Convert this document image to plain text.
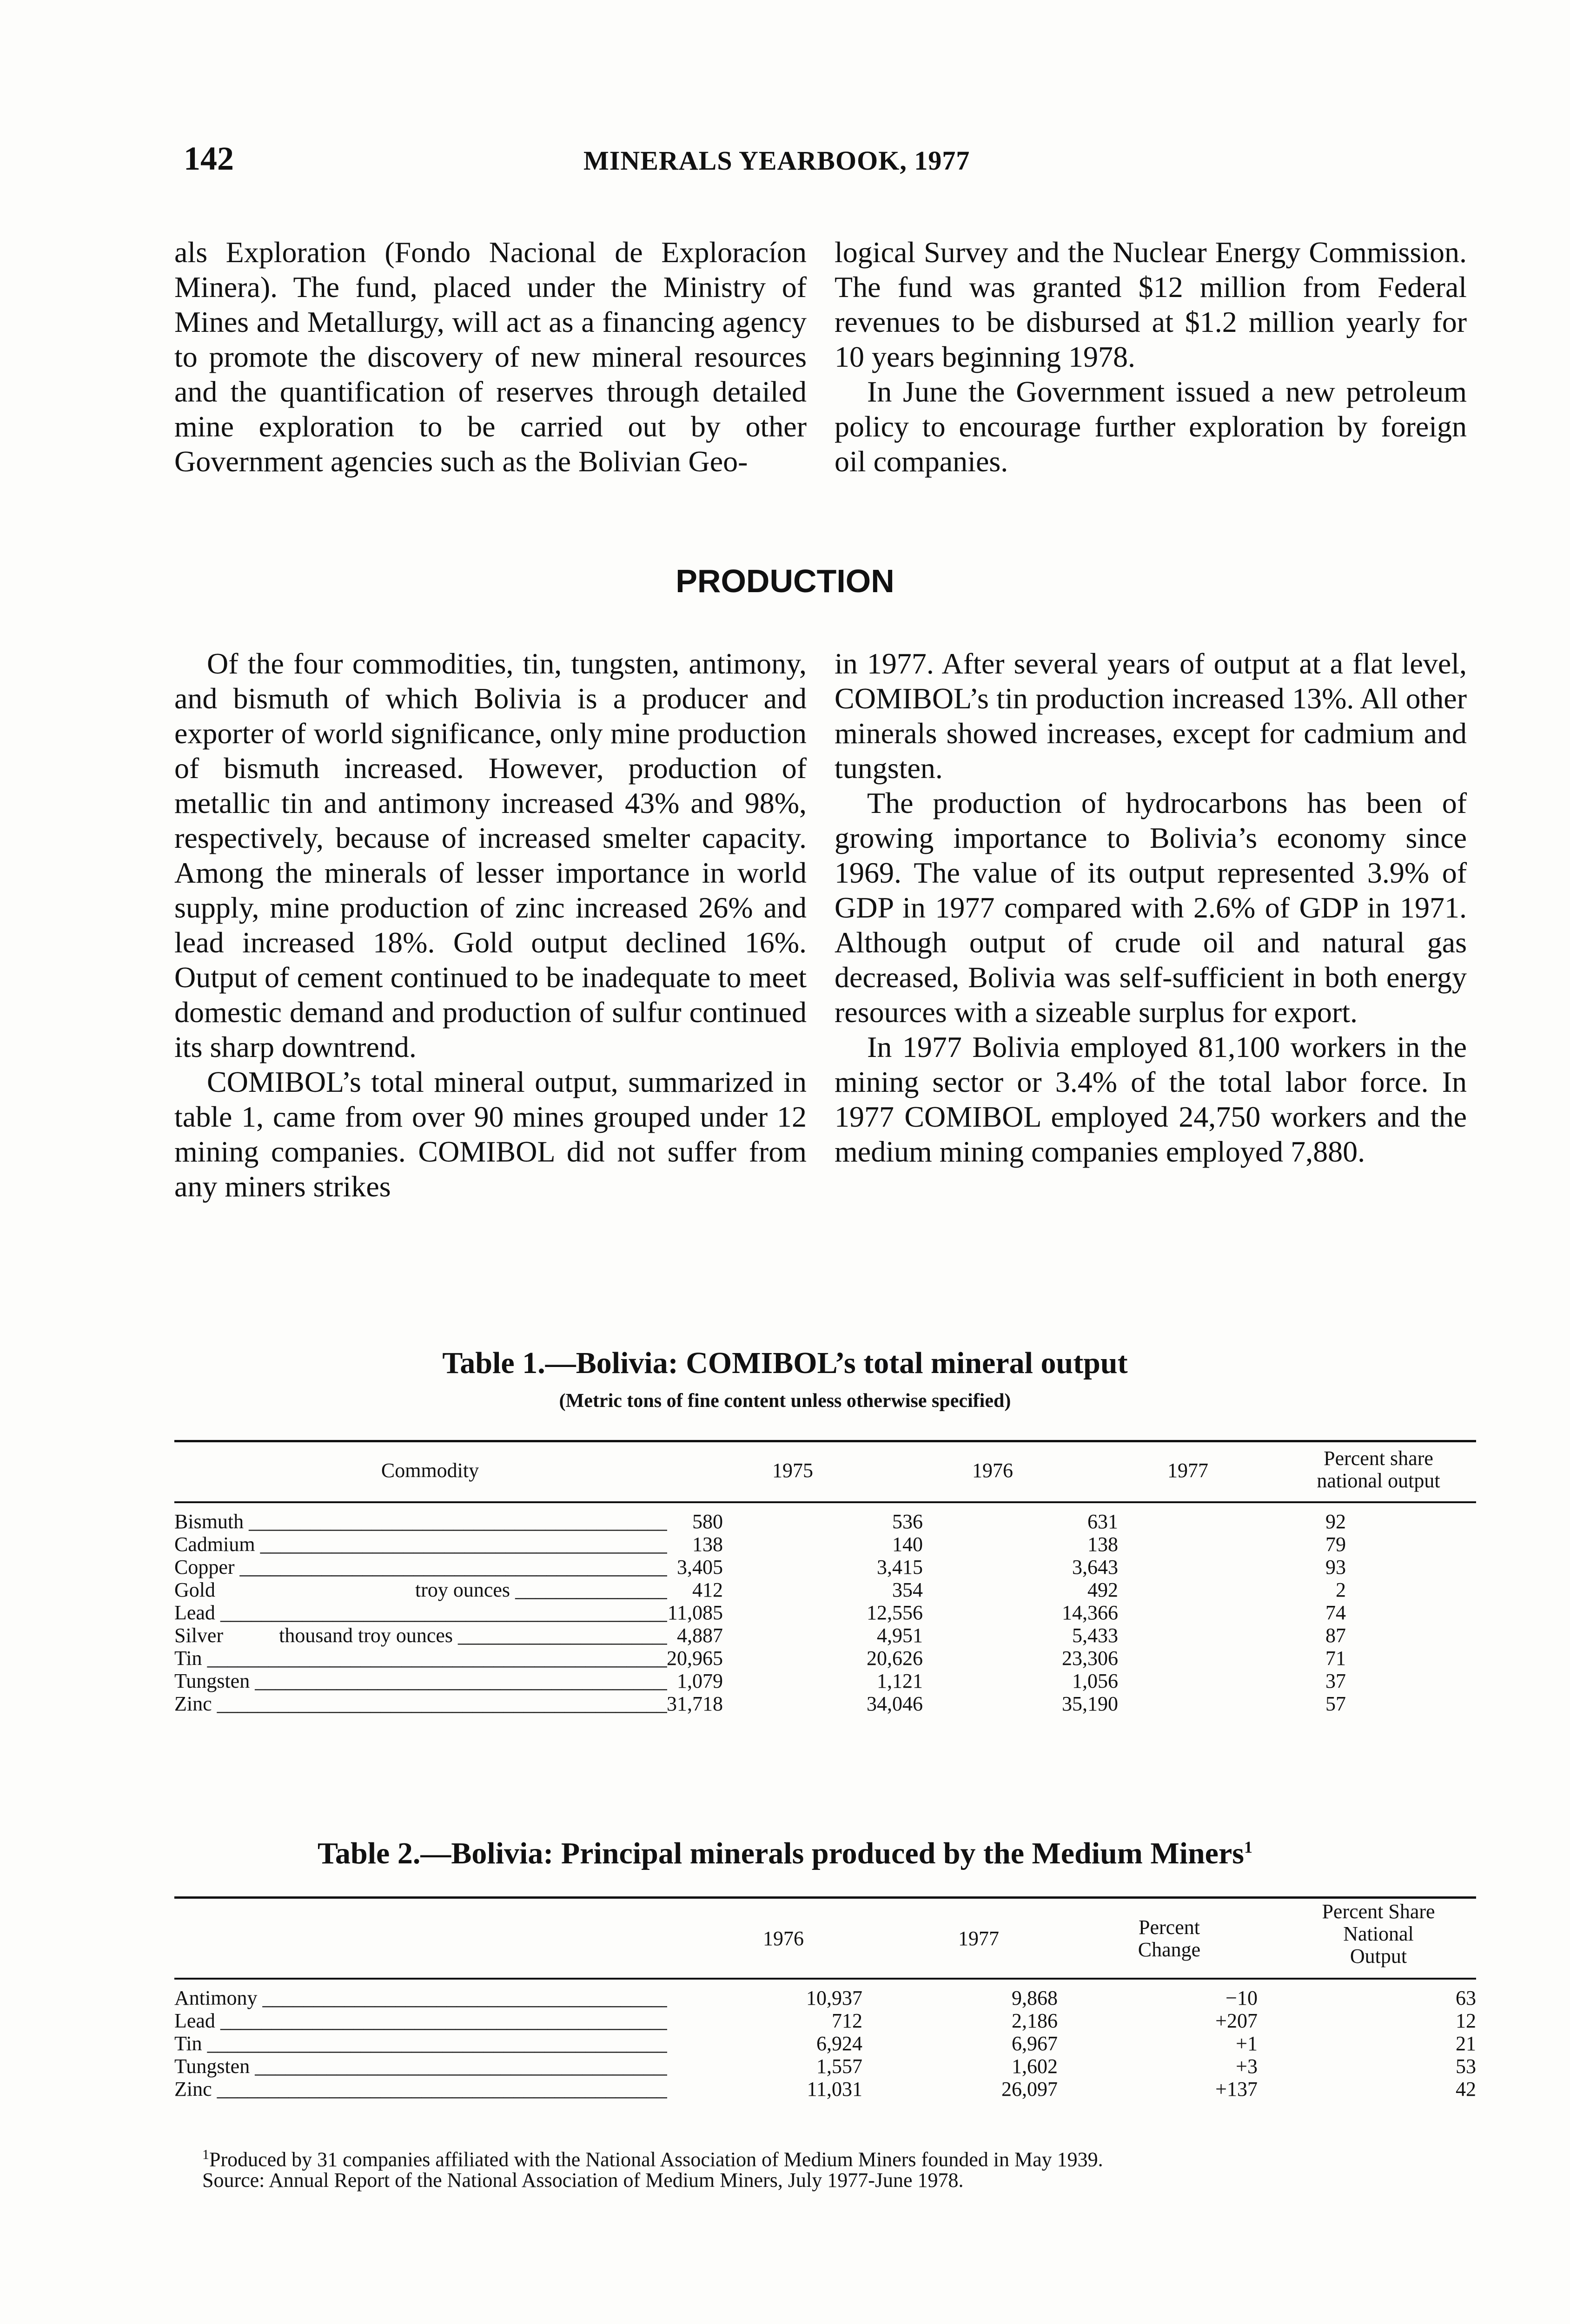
142	MINERALS YEARBOOK, 1977

als Exploration (Fondo Nacional de Exploracíon Minera). The fund, placed under the Ministry of Mines and Metallurgy, will act as a financing agency to promote the discovery of new mineral resources and the quantification of reserves through detailed mine exploration to be carried out by other Government agencies such as the Bolivian Geo-

logical Survey and the Nuclear Energy Commission. The fund was granted $12 million from Federal revenues to be disbursed at $1.2 million yearly for 10 years beginning 1978.

In June the Government issued a new petroleum policy to encourage further exploration by foreign oil companies.

PRODUCTION

Of the four commodities, tin, tungsten, antimony, and bismuth of which Bolivia is a producer and exporter of world significance, only mine production of bismuth increased. However, production of metallic tin and antimony increased 43% and 98%, respectively, because of increased smelter capacity. Among the minerals of lesser importance in world supply, mine production of zinc increased 26% and lead increased 18%. Gold output declined 16%. Output of cement continued to be inadequate to meet domestic demand and production of sulfur continued its sharp downtrend.

COMIBOL’s total mineral output, summarized in table 1, came from over 90 mines grouped under 12 mining companies. COMIBOL did not suffer from any miners strikes

in 1977. After several years of output at a flat level, COMIBOL’s tin production increased 13%. All other minerals showed increases, except for cadmium and tungsten.

The production of hydrocarbons has been of growing importance to Bolivia’s economy since 1969. The value of its output represented 3.9% of GDP in 1977 compared with 2.6% of GDP in 1971. Although output of crude oil and natural gas decreased, Bolivia was self-sufficient in both energy resources with a sizeable surplus for export.

In 1977 Bolivia employed 81,100 workers in the mining sector or 3.4% of the total labor force. In 1977 COMIBOL employed 24,750 workers and the medium mining companies employed 7,880.

Table 1.—Bolivia: COMIBOL’s total mineral output
(Metric tons of fine content unless otherwise specified)
Commodity	1975	1976	1977
Percent share
national output
Bismuth _____	580	536	631	92
Cadmium _____	138	140	138	79
Copper _____	3,405	3,415	3,643	93
Gold	troy ounces _____	412	354	492	2
Lead _____	11,085	12,556	14,366	74
Silver	thousand troy ounces _____	4,887	4,951	5,433	87
Tin _____	20,965	20,626	23,306	71
Tungsten _____	1,079	1,121	1,056	37
Zinc _____	31,718	34,046	35,190	57
Table 2.—Bolivia: Principal minerals produced by the Medium Miners$^1$
1976	1977	Percent
Change
Percent Share
National
Output
Antimony _____	10,937	9,868	−10	63
Lead _____	712	2,186	+207	12
Tin _____	6,924	6,967	+1	21
Tungsten _____	1,557	1,602	+3	53
Zinc _____	11,031	26,097	+137	42
$^1$Produced by 31 companies affiliated with the National Association of Medium Miners founded in May 1939.
Source: Annual Report of the National Association of Medium Miners, July 1977-June 1978.
